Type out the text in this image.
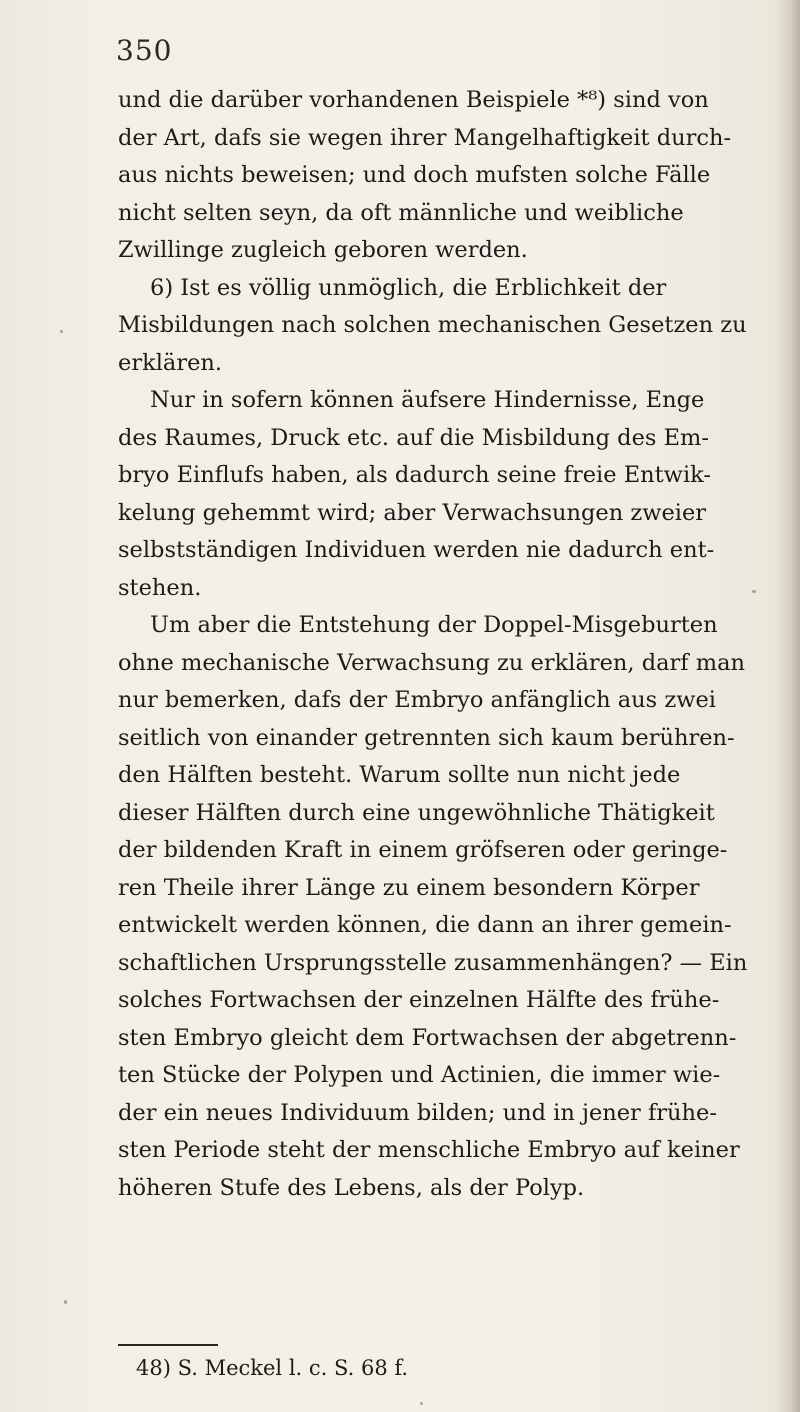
350
und die darüber vorhandenen Beispiele *⁸) sind von
der Art, dafs sie wegen ihrer Mangelhaftigkeit durch-
aus nichts beweisen; und doch mufsten solche Fälle
nicht selten seyn, da oft männliche und weibliche
Zwillinge zugleich geboren werden.
6) Ist es völlig unmöglich, die Erblichkeit der
Misbildungen nach solchen mechanischen Gesetzen zu
erklären.
Nur in sofern können äufsere Hindernisse, Enge
des Raumes, Druck etc. auf die Misbildung des Em-
bryo Einflufs haben, als dadurch seine freie Entwik-
kelung gehemmt wird; aber Verwachsungen zweier
selbstständigen Individuen werden nie dadurch ent-
stehen.
Um aber die Entstehung der Doppel-Misgeburten
ohne mechanische Verwachsung zu erklären, darf man
nur bemerken, dafs der Embryo anfänglich aus zwei
seitlich von einander getrennten sich kaum berühren-
den Hälften besteht. Warum sollte nun nicht jede
dieser Hälften durch eine ungewöhnliche Thätigkeit
der bildenden Kraft in einem gröfseren oder geringe-
ren Theile ihrer Länge zu einem besondern Körper
entwickelt werden können, die dann an ihrer gemein-
schaftlichen Ursprungsstelle zusammenhängen? — Ein
solches Fortwachsen der einzelnen Hälfte des frühe-
sten Embryo gleicht dem Fortwachsen der abgetrenn-
ten Stücke der Polypen und Actinien, die immer wie-
der ein neues Individuum bilden; und in jener frühe-
sten Periode steht der menschliche Embryo auf keiner
höheren Stufe des Lebens, als der Polyp.
48) S. Meckel l. c. S. 68 f.
